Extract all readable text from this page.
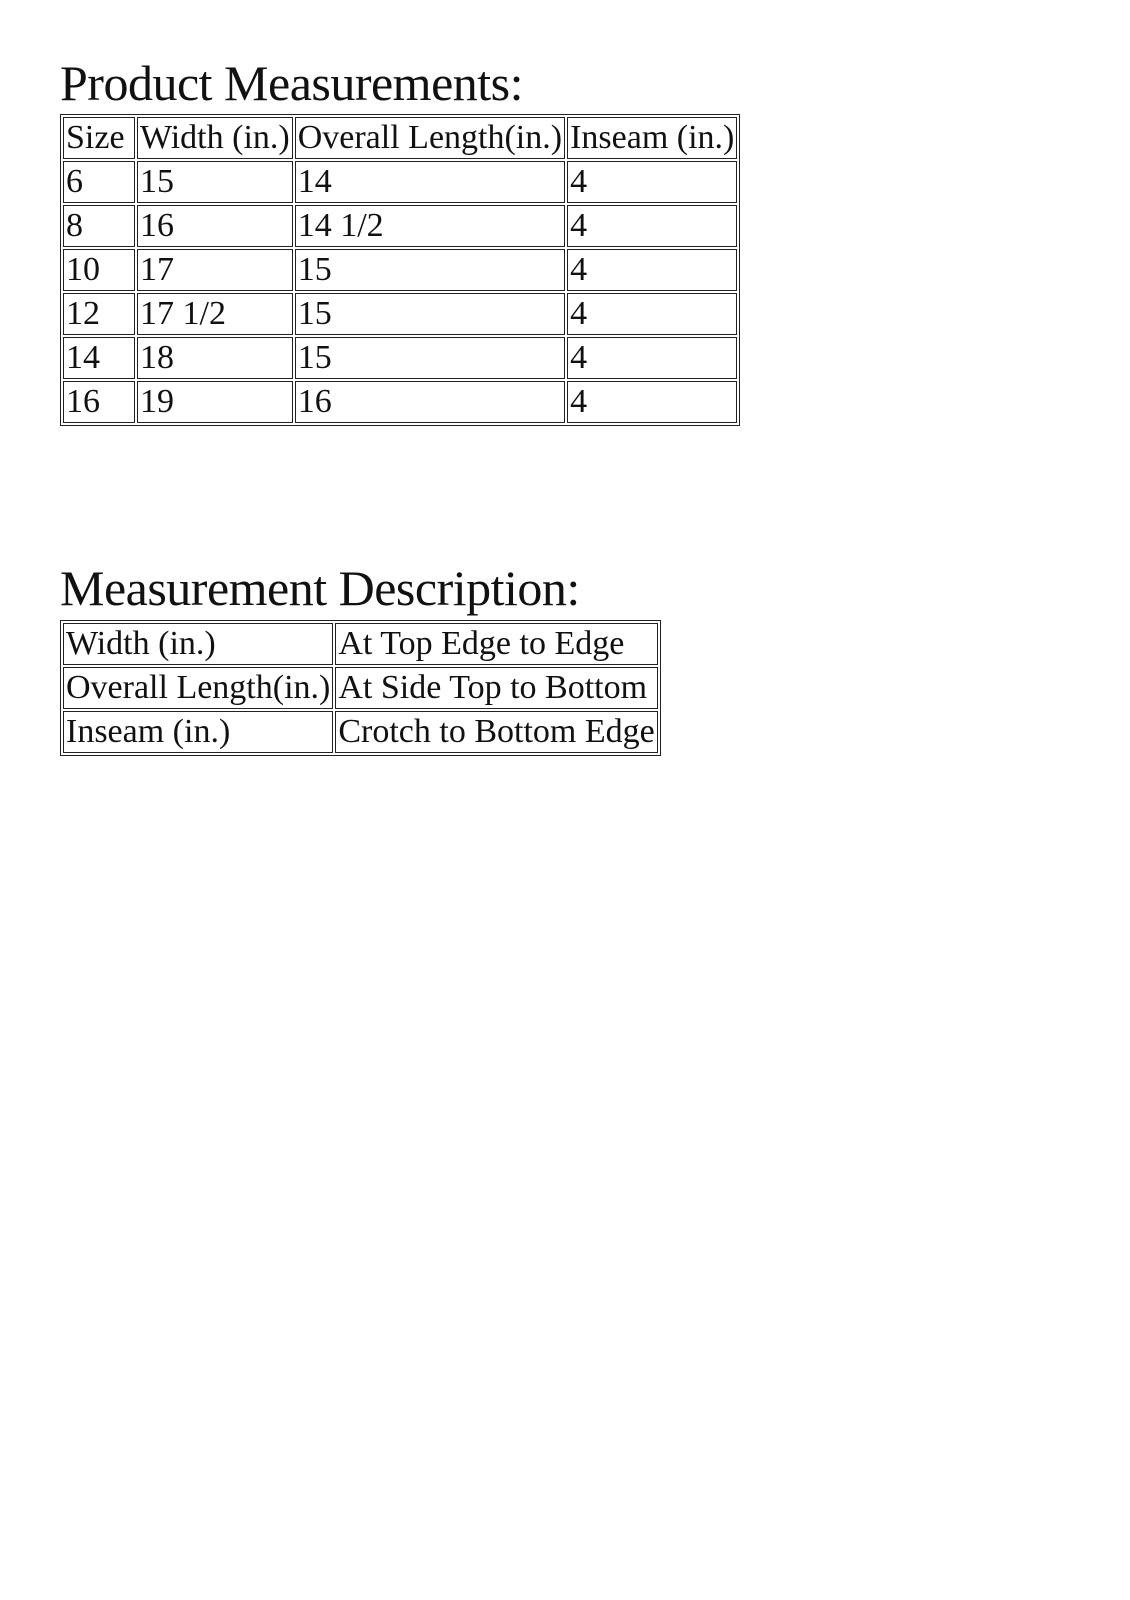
Product Measurements:
Size	Width (in.)	Overall Length(in.)	Inseam (in.)
6	15	14	4
8	16	14 1/2	4
10	17	15	4
12	17 1/2	15	4
14	18	15	4
16	19	16	4
Measurement Description:
Width (in.)	At Top Edge to Edge
Overall Length(in.)	At Side Top to Bottom
Inseam (in.)	Crotch to Bottom Edge
